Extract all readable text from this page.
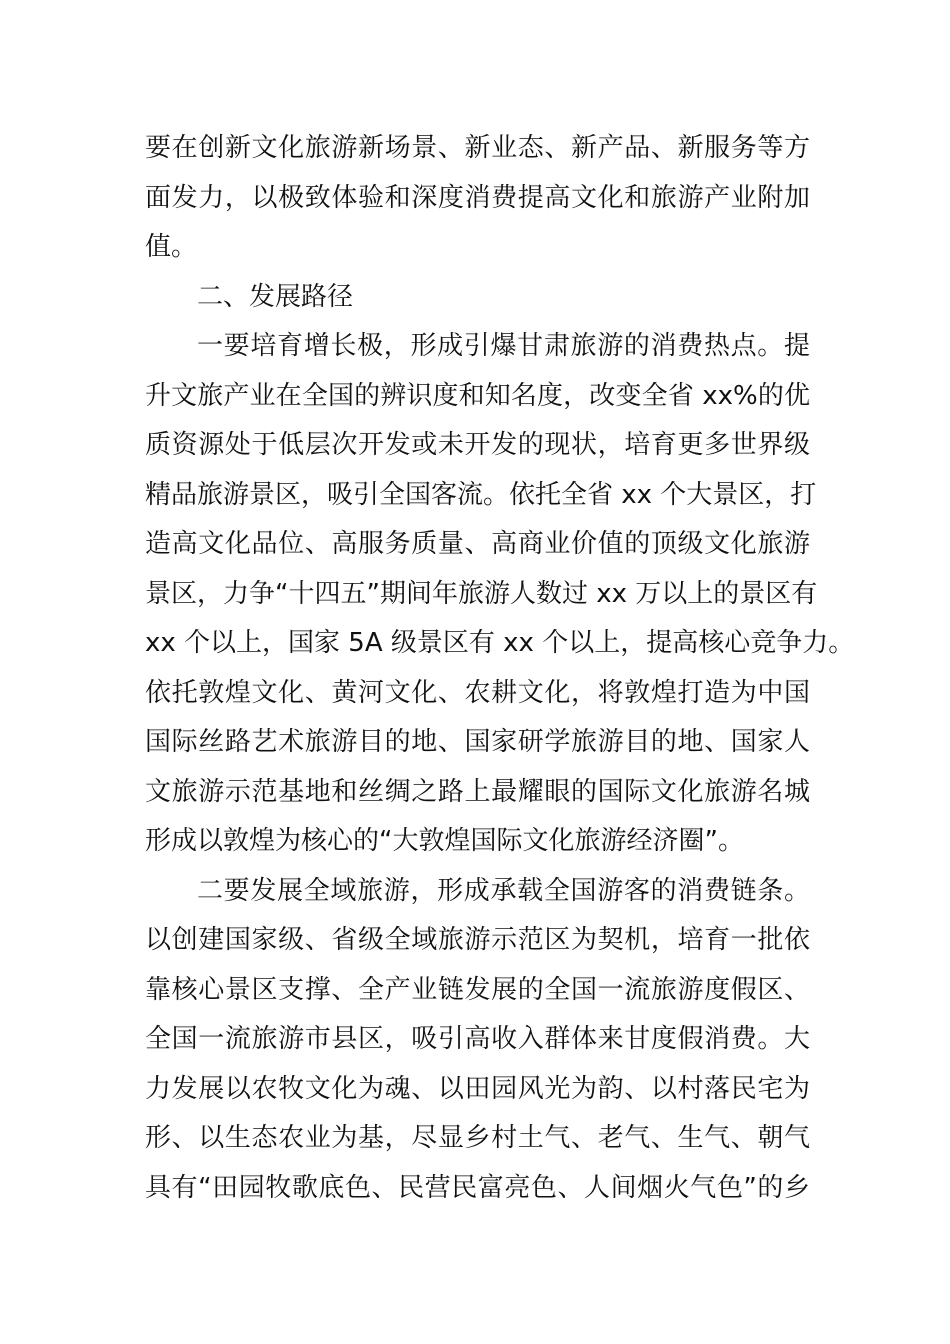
要在创新文化旅游新场景、新业态、新产品、新服务等方
面发力，以极致体验和深度消费提高文化和旅游产业附加
值。
二、发展路径
一要培育增长极，形成引爆甘肃旅游的消费热点。提
升文旅产业在全国的辨识度和知名度，改变全省 xx%的优
质资源处于低层次开发或未开发的现状，培育更多世界级
精品旅游景区，吸引全国客流。依托全省 xx 个大景区，打
造高文化品位、高服务质量、高商业价值的顶级文化旅游
景区，力争“十四五”期间年旅游人数过 xx 万以上的景区有
xx 个以上，国家 5A 级景区有 xx 个以上，提高核心竞争力。
依托敦煌文化、黄河文化、农耕文化，将敦煌打造为中国
国际丝路艺术旅游目的地、国家研学旅游目的地、国家人
文旅游示范基地和丝绸之路上最耀眼的国际文化旅游名城
形成以敦煌为核心的“大敦煌国际文化旅游经济圈”。
二要发展全域旅游，形成承载全国游客的消费链条。
以创建国家级、省级全域旅游示范区为契机，培育一批依
靠核心景区支撑、全产业链发展的全国一流旅游度假区、
全国一流旅游市县区，吸引高收入群体来甘度假消费。大
力发展以农牧文化为魂、以田园风光为韵、以村落民宅为
形、以生态农业为基，尽显乡村土气、老气、生气、朝气
具有“田园牧歌底色、民营民富亮色、人间烟火气色”的乡
